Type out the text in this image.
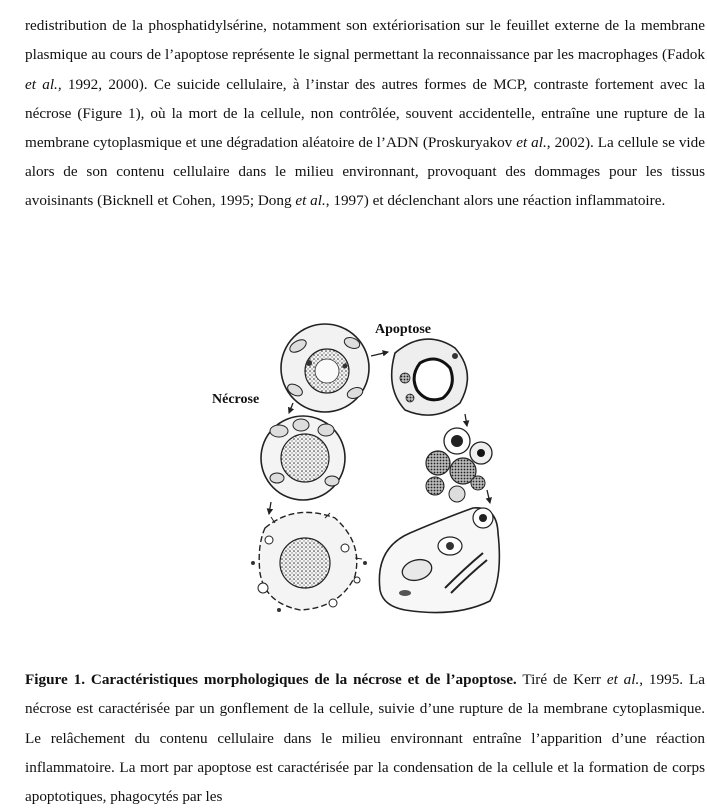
redistribution de la phosphatidylsérine, notamment son extériorisation sur le feuillet externe de la membrane plasmique au cours de l’apoptose représente le signal permettant la reconnaissance par les macrophages (Fadok et al., 1992, 2000). Ce suicide cellulaire, à l’instar des autres formes de MCP, contraste fortement avec la nécrose (Figure 1), où la mort de la cellule, non contrôlée, souvent accidentelle, entraîne une rupture de la membrane cytoplasmique et une dégradation aléatoire de l’ADN (Proskuryakov et al., 2002). La cellule se vide alors de son contenu cellulaire dans le milieu environnant, provoquant des dommages pour les tissus avoisinants (Bicknell et Cohen, 1995; Dong et al., 1997) et déclenchant alors une réaction inflammatoire.

Apoptose
Nécrose

Figure 1. Caractéristiques morphologiques de la nécrose et de l’apoptose. Tiré de Kerr et al., 1995. La nécrose est caractérisée par un gonflement de la cellule, suivie d’une rupture de la membrane cytoplasmique. Le relâchement du contenu cellulaire dans le milieu environnant entraîne l’apparition d’une réaction inflammatoire. La mort par apoptose est caractérisée par la condensation de la cellule et la formation de corps apoptotiques, phagocytés par les
